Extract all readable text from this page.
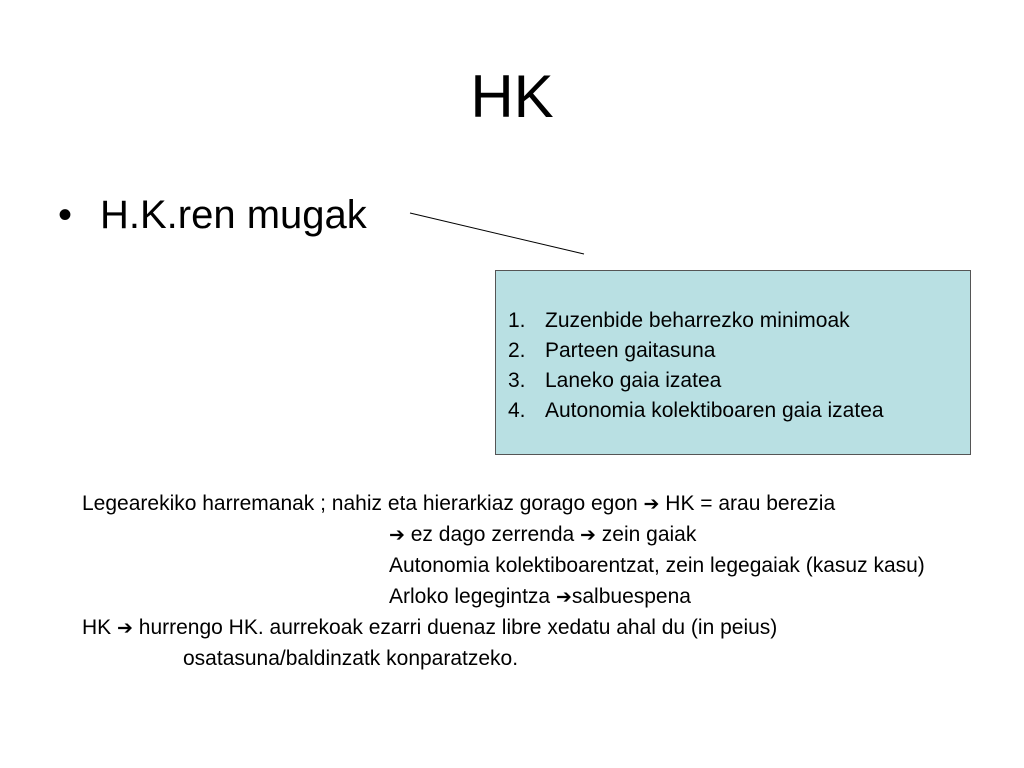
HK
• H.K.ren mugak
1. Zuzenbide beharrezko minimoak
2. Parteen gaitasuna
3. Laneko gaia izatea
4. Autonomia kolektiboaren gaia izatea
Legearekiko harremanak ; nahiz eta hierarkiaz gorago egon ➔ HK = arau berezia
➔ ez dago zerrenda ➔ zein gaiak
Autonomia kolektiboarentzat, zein legegaiak (kasuz kasu)
Arloko legegintza ➔salbuespena
HK ➔ hurrengo HK. aurrekoak ezarri duenaz libre xedatu ahal du (in peius)
osatasuna/baldinzatk konparatzeko.
